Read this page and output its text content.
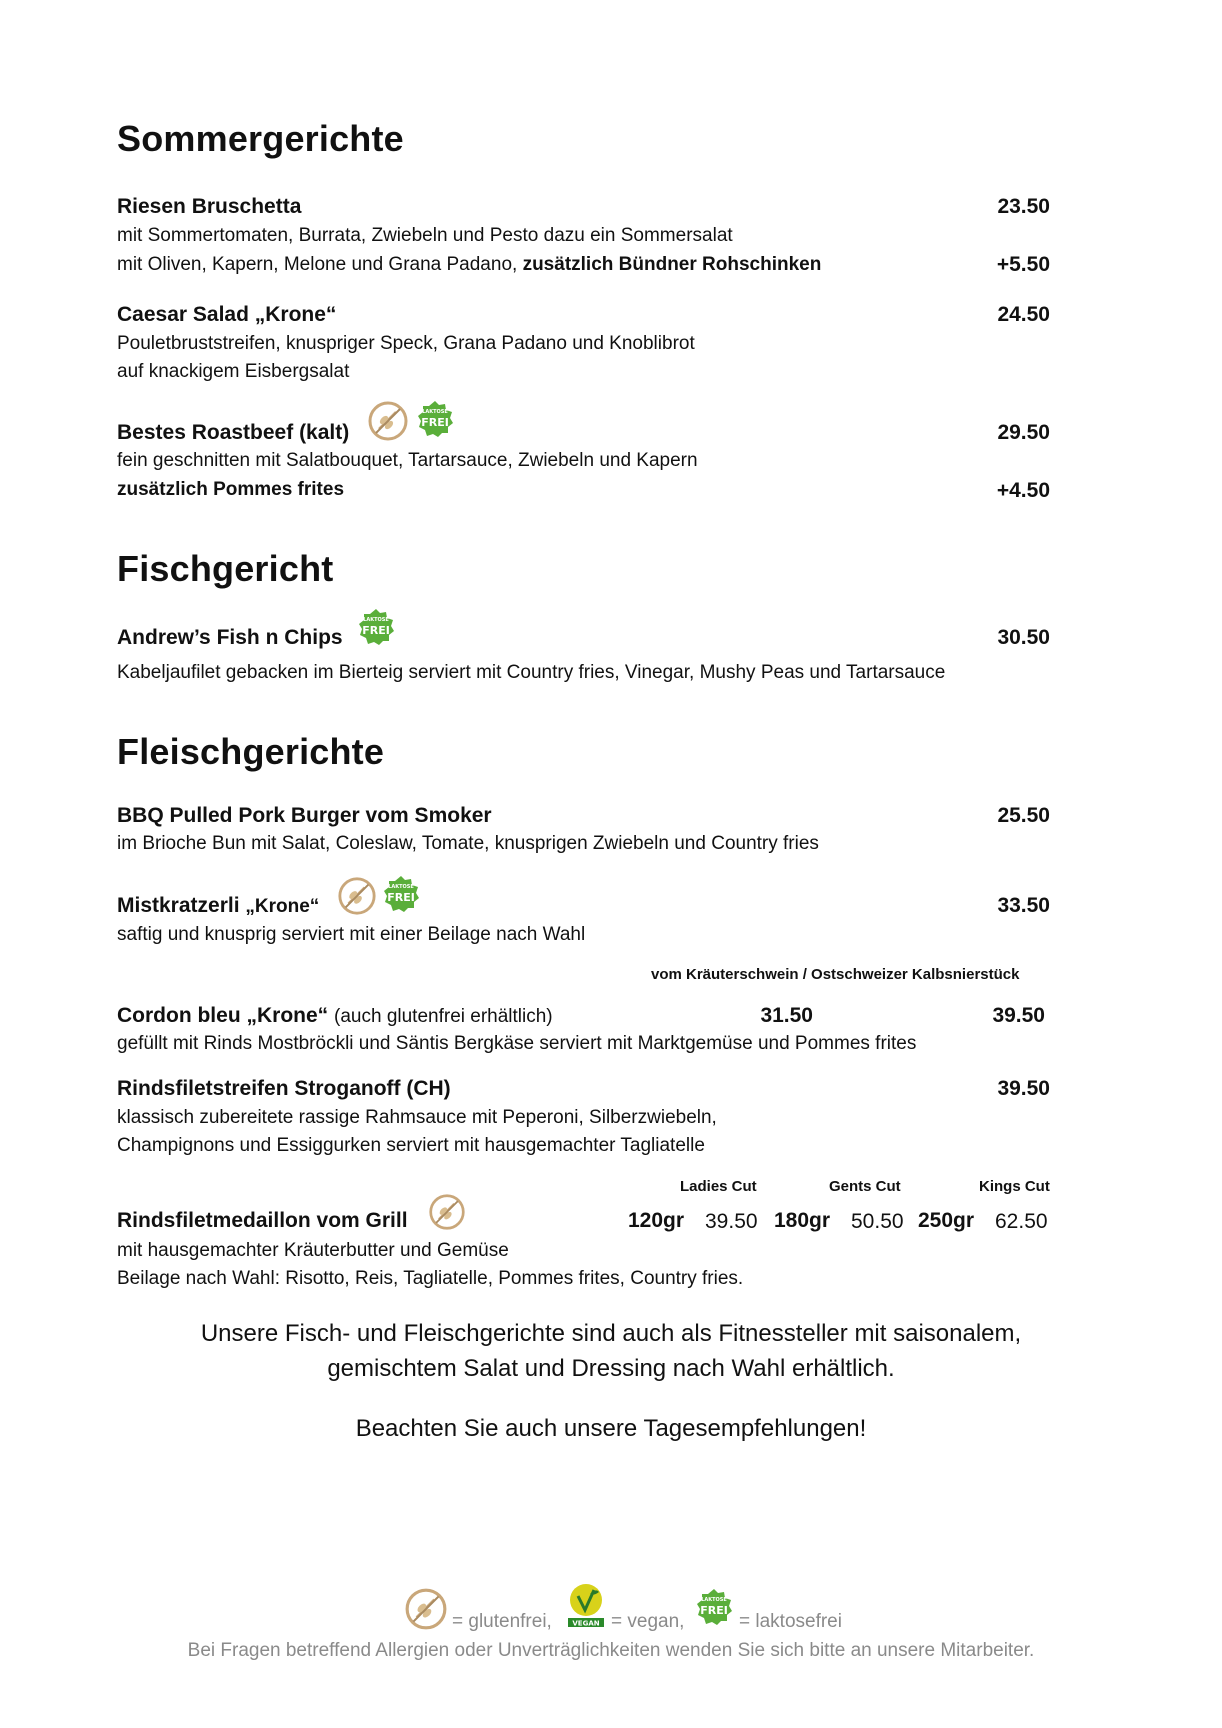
Sommergerichte
Riesen Bruschetta	23.50
mit Sommertomaten, Burrata, Zwiebeln und Pesto dazu ein Sommersalat
mit Oliven, Kapern, Melone und Grana Padano, zusätzlich Bündner Rohschinken	+5.50
Caesar Salad „Krone“	24.50
Pouletbruststreifen, knuspriger Speck, Grana Padano und Knoblibrot
auf knackigem Eisbergsalat
Bestes Roastbeef (kalt)
LAKTOSE
FREI	29.50
fein geschnitten mit Salatbouquet, Tartarsauce, Zwiebeln und Kapern
zusätzlich Pommes frites	+4.50
Fischgericht
Andrew’s Fish n Chips
LAKTOSE
FREI	30.50
Kabeljaufilet gebacken im Bierteig serviert mit Country fries, Vinegar, Mushy Peas und Tartarsauce
Fleischgerichte
BBQ Pulled Pork Burger vom Smoker	25.50
im Brioche Bun mit Salat, Coleslaw, Tomate, knusprigen Zwiebeln und Country fries
Mistkratzerli „Krone“
LAKTOSE
FREI	33.50
saftig und knusprig serviert mit einer Beilage nach Wahl
vom Kräuterschwein / Ostschweizer Kalbsnierstück
Cordon bleu „Krone“ (auch glutenfrei erhältlich)	31.50	39.50
gefüllt mit Rinds Mostbröckli und Säntis Bergkäse serviert mit Marktgemüse und Pommes frites
Rindsfiletstreifen Stroganoff (CH)	39.50
klassisch zubereitete rassige Rahmsauce mit Peperoni, Silberzwiebeln,
Champignons und Essiggurken serviert mit hausgemachter Tagliatelle
Ladies Cut	Gents Cut	Kings Cut
Rindsfiletmedaillon vom Grill	120gr 39.50 180gr 50.50 250gr 62.50
mit hausgemachter Kräuterbutter und Gemüse
Beilage nach Wahl: Risotto, Reis, Tagliatelle, Pommes frites, Country fries.
Unsere Fisch- und Fleischgerichte sind auch als Fitnessteller mit saisonalem,
gemischtem Salat und Dressing nach Wahl erhältlich.
Beachten Sie auch unsere Tagesempfehlungen!
= glutenfrei,	VEGAN = vegan,
LAKTOSE
FREI
= laktosefrei
Bei Fragen betreffend Allergien oder Unverträglichkeiten wenden Sie sich bitte an unsere Mitarbeiter.
